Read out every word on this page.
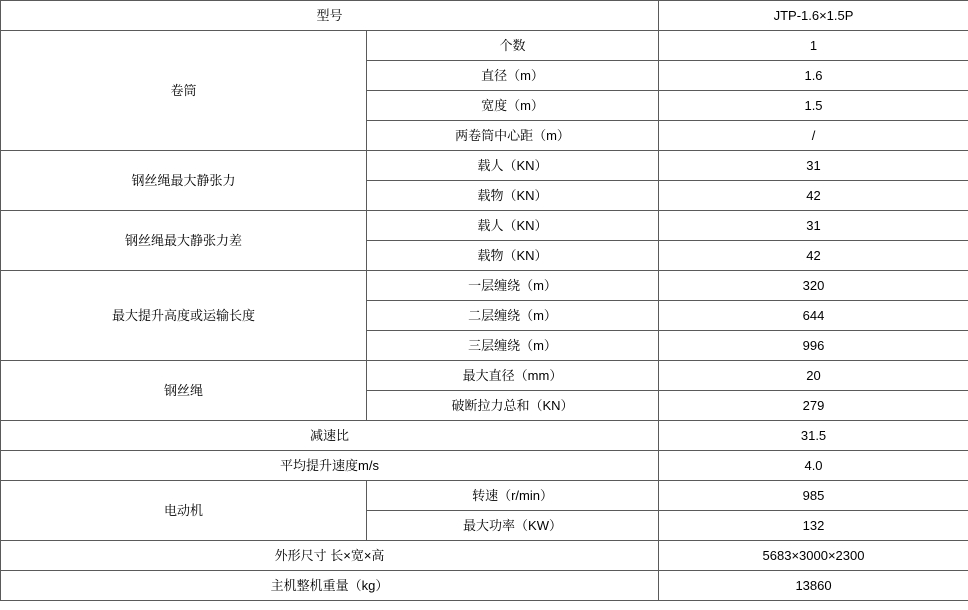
型号		JTP-1.6×1.5P
卷筒	个数	1
	直径（m）	1.6
	宽度（m）	1.5
	两卷筒中心距（m）	/
钢丝绳最大静张力	载人（KN）	31
	载物（KN）	42
钢丝绳最大静张力差	载人（KN）	31
	载物（KN）	42
最大提升高度或运输长度	一层缠绕（m）	320
	二层缠绕（m）	644
	三层缠绕（m）	996
钢丝绳	最大直径（mm）	20
	破断拉力总和（KN）	279
减速比		31.5
平均提升速度m/s		4.0
电动机	转速（r/min）	985
	最大功率（KW）	132
外形尺寸 长×宽×高		5683×3000×2300
主机整机重量（kg）		13860
